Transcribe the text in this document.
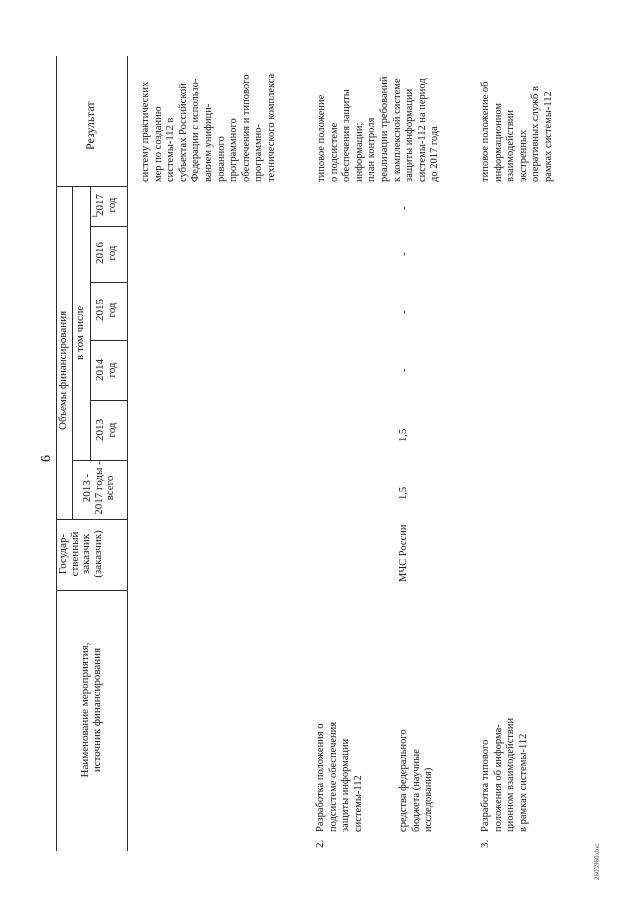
6
Наименование мероприятия,
источник финансирования
Государ-
ственный
заказчик
(заказчик)
Объемы финансирования
2013 -
2017 годы -
всего
в том числе
2013
год
2014
год
2015
год
2016
год
2017
год
1
Результат
систему практических
мер по созданию
системы-112 в
субъектах Российской
Федерации с использо-
ванием унифици-
рованного
программного
обеспечения и типового
программно-
технического комплекса
2.
Разработка положения о
подсистеме обеспечения
защиты информации
системы-112	средства федерального
бюджета (научные
исследования)
МЧС России
1,5
1,5
-
-
-
-
типовое положение
о подсистеме
обеспечения защиты
информации;
план контроля
реализации требований
к комплексной системе
защиты информации
системы-112 на период
до 2017 года
3.
Разработка типового
положения об информа-
ционном взаимодействии
в рамках системы-112
типовое положение об
информационном
взаимодействии
экстренных
оперативных служб в
рамках системы-112
2603960.doc
